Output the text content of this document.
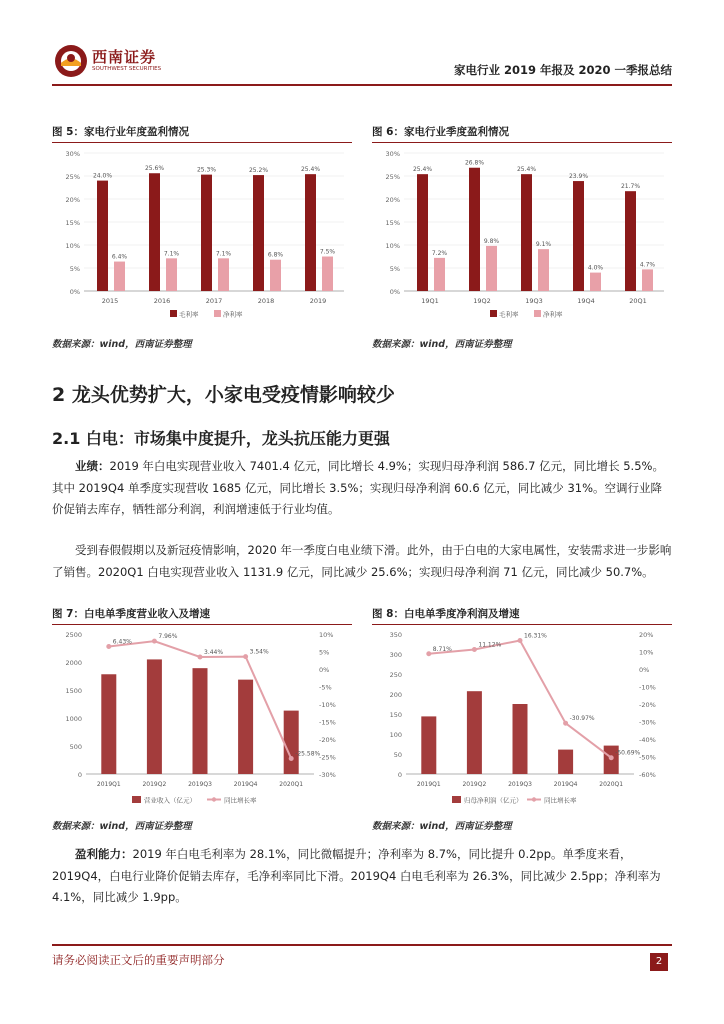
西南证券
SOUTHWEST SECURITIES	家电行业 2019 年报及 2020 一季报总结
图 5：家电行业年度盈利情况
0%
5%
10%
15%
20%
25%
30%
24.0%
6.4%
2015
25.6%
7.1%
2016
25.3%
7.1%
2017
25.2%
6.8%
2018
25.4%
7.5%
2019
毛利率	净利率
数据来源：wind，西南证券整理
图 6：家电行业季度盈利情况
0%
5%
10%
15%
20%
25%
30%
25.4%
7.2%
19Q1
26.8%
9.8%
19Q2
25.4%
9.1%
19Q3
23.9%
4.0%
19Q4
21.7%
4.7%
20Q1
毛利率	净利率
数据来源：wind，西南证券整理
2 龙头优势扩大，小家电受疫情影响较少
2.1 白电：市场集中度提升，龙头抗压能力更强
业绩：2019 年白电实现营业收入 7401.4 亿元，同比增长 4.9%；实现归母净利润 586.7 亿元，同比增长 5.5%。其中 2019Q4 单季度实现营收 1685 亿元，同比增长 3.5%；实现归母净利润 60.6 亿元，同比减少 31%。空调行业降价促销去库存，牺牲部分利润，利润增速低于行业均值。
受到春假假期以及新冠疫情影响，2020 年一季度白电业绩下滑。此外，由于白电的大家电属性，安装需求进一步影响了销售。2020Q1 白电实现营业收入 1131.9 亿元，同比减少 25.6%；实现归母净利润 71 亿元，同比减少 50.7%。
图 7：白电单季度营业收入及增速
0
500
1000
1500
2000
2500
-30%
-25%
-20%
-15%
-10%
-5%
0%
5%
10%
2019Q1	2019Q2	2019Q3	2019Q4	2020Q1
6.43%
7.96%
3.44%	3.54%
-25.58%
营业收入（亿元）	同比增长率
数据来源：wind，西南证券整理
图 8：白电单季度净利润及增速
0
50
100
150
200
250
300
350
-60%
-50%
-40%
-30%
-20%
-10%
0%
10%
20%
2019Q1	2019Q2	2019Q3	2019Q4	2020Q1
8.71%
11.12%
16.31%
-30.97%
-50.69%
归母净利润（亿元）	同比增长率
数据来源：wind，西南证券整理
盈利能力：2019 年白电毛利率为 28.1%，同比微幅提升；净利率为 8.7%，同比提升 0.2pp。单季度来看，2019Q4，白电行业降价促销去库存，毛净利率同比下滑。2019Q4 白电毛利率为 26.3%，同比减少 2.5pp；净利率为 4.1%，同比减少 1.9pp。
请务必阅读正文后的重要声明部分	2
